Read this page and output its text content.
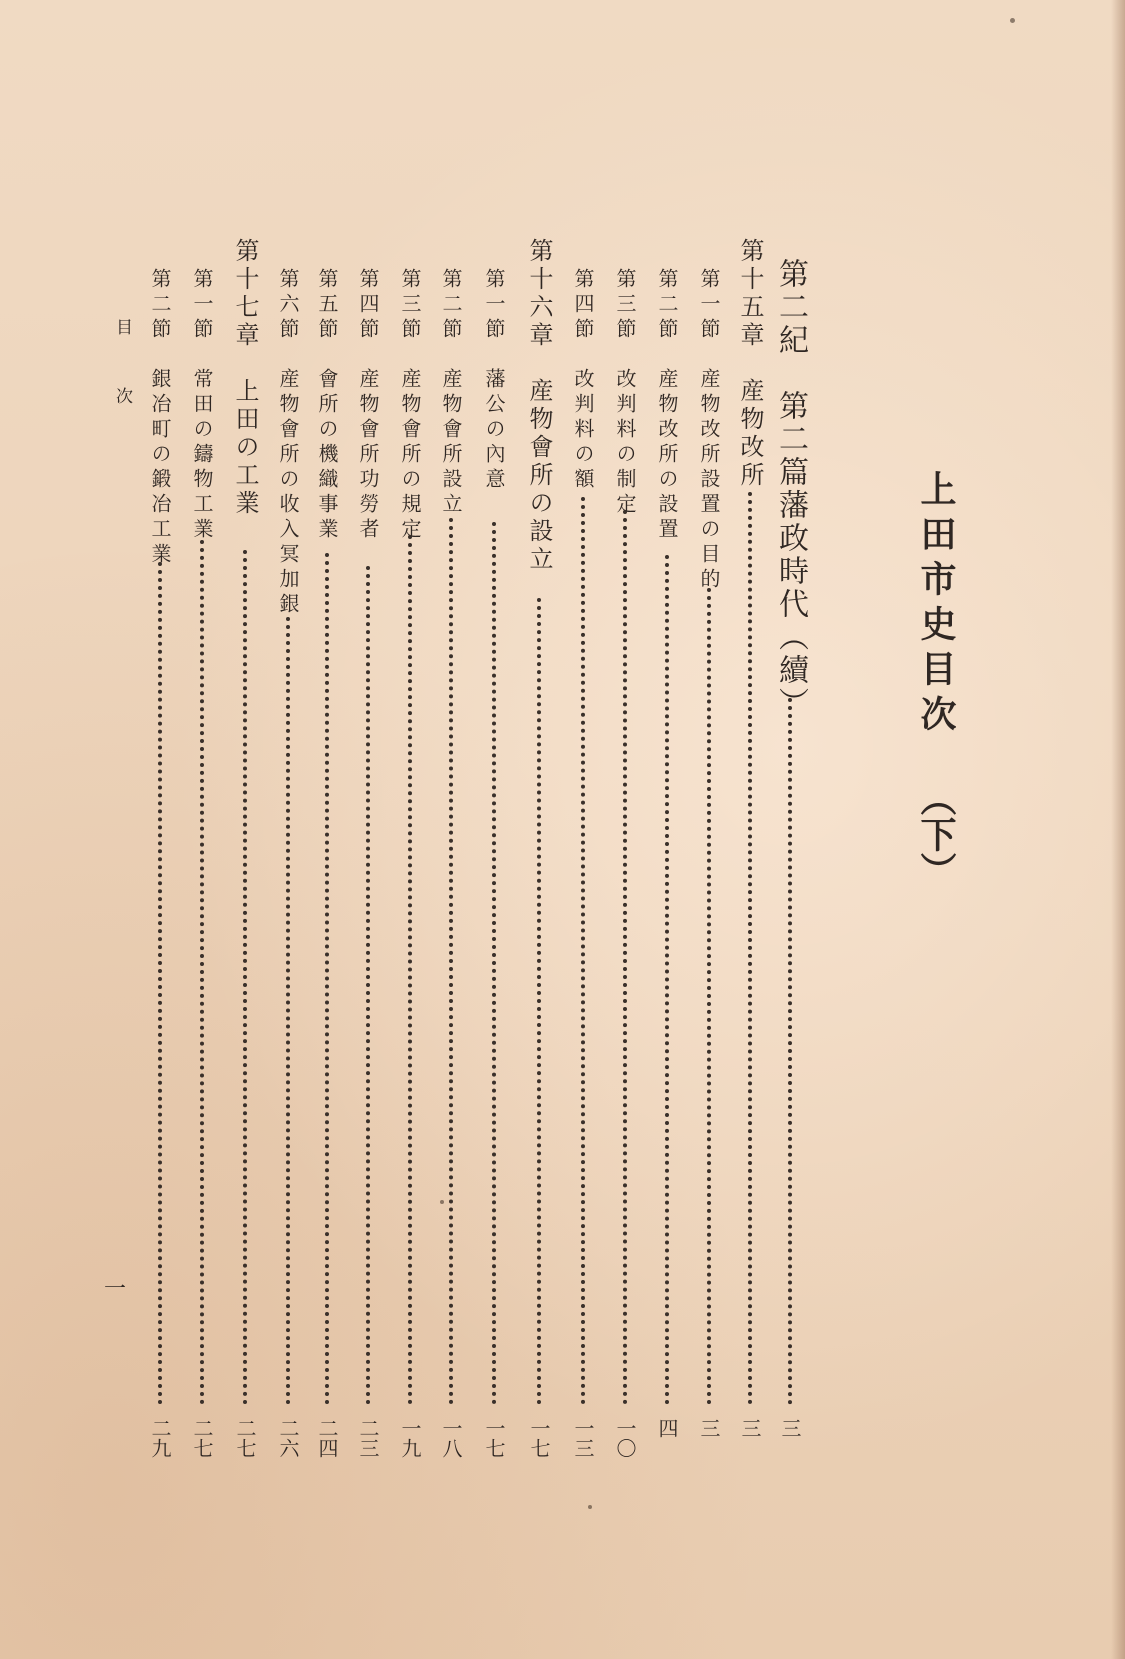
上田市史目次
（下）
第二紀　第二篇藩政時代（續）
三
第十五章　産物改所
三
第一節　産物改所設置の目的
三
第二節　産物改所の設置
四
第三節　改判料の制定
一〇
第四節　改判料の額
一三
第十六章　産物會所の設立
一七
第一節　藩公の內意
一七
第二節　産物會所設立
一八
第三節　産物會所の規定
一九
第四節　産物會所功勞者
二三
第五節　會所の機織事業
二四
第六節　産物會所の收入冥加銀
二六
第十七章　上田の工業
二七
第一節　常田の鑄物工業
二七
第二節　銀冶町の鍛冶工業
二九
目次
一
